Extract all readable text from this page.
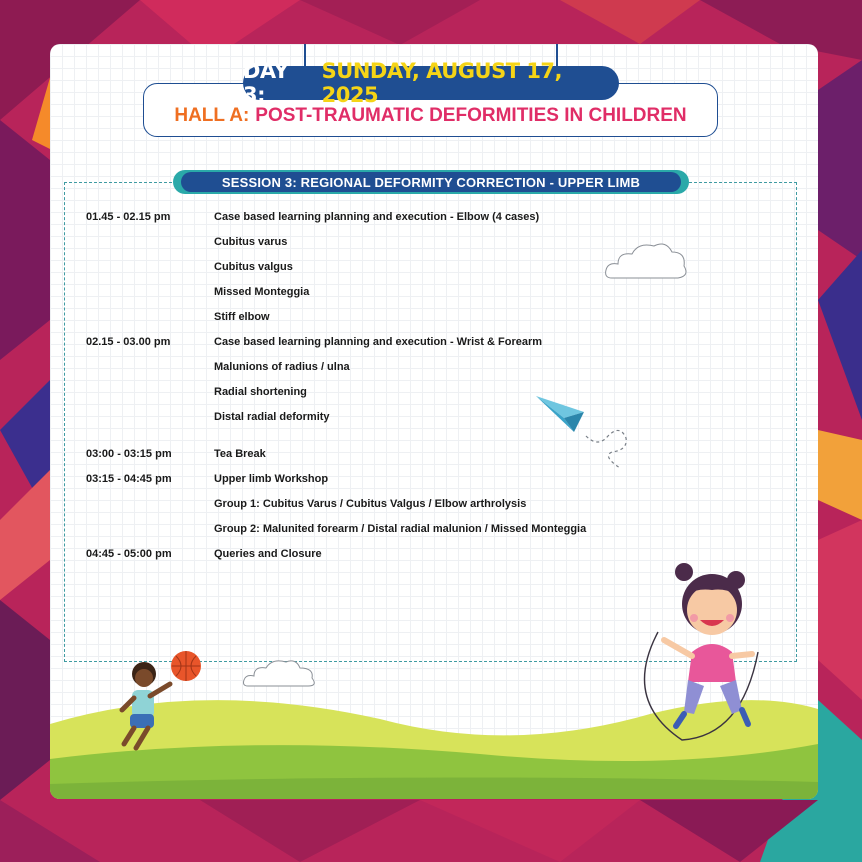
HALL A: POST-TRAUMATIC DEFORMITIES IN CHILDREN
DAY 3:
SUNDAY, AUGUST 17, 2025
SESSION 3: REGIONAL DEFORMITY CORRECTION - UPPER LIMB
01.45 - 02.15 pm	Case based learning planning and execution - Elbow (4 cases)
Cubitus varus
Cubitus valgus
Missed Monteggia
Stiff elbow
02.15 - 03.00 pm	Case based learning planning and execution - Wrist & Forearm
Malunions of radius / ulna
Radial shortening
Distal radial deformity
03:00 - 03:15 pm	Tea Break
03:15 - 04:45 pm	Upper limb Workshop
Group 1: Cubitus Varus / Cubitus Valgus / Elbow arthrolysis
Group 2: Malunited forearm / Distal radial malunion / Missed Monteggia
04:45 - 05:00 pm	Queries and Closure
